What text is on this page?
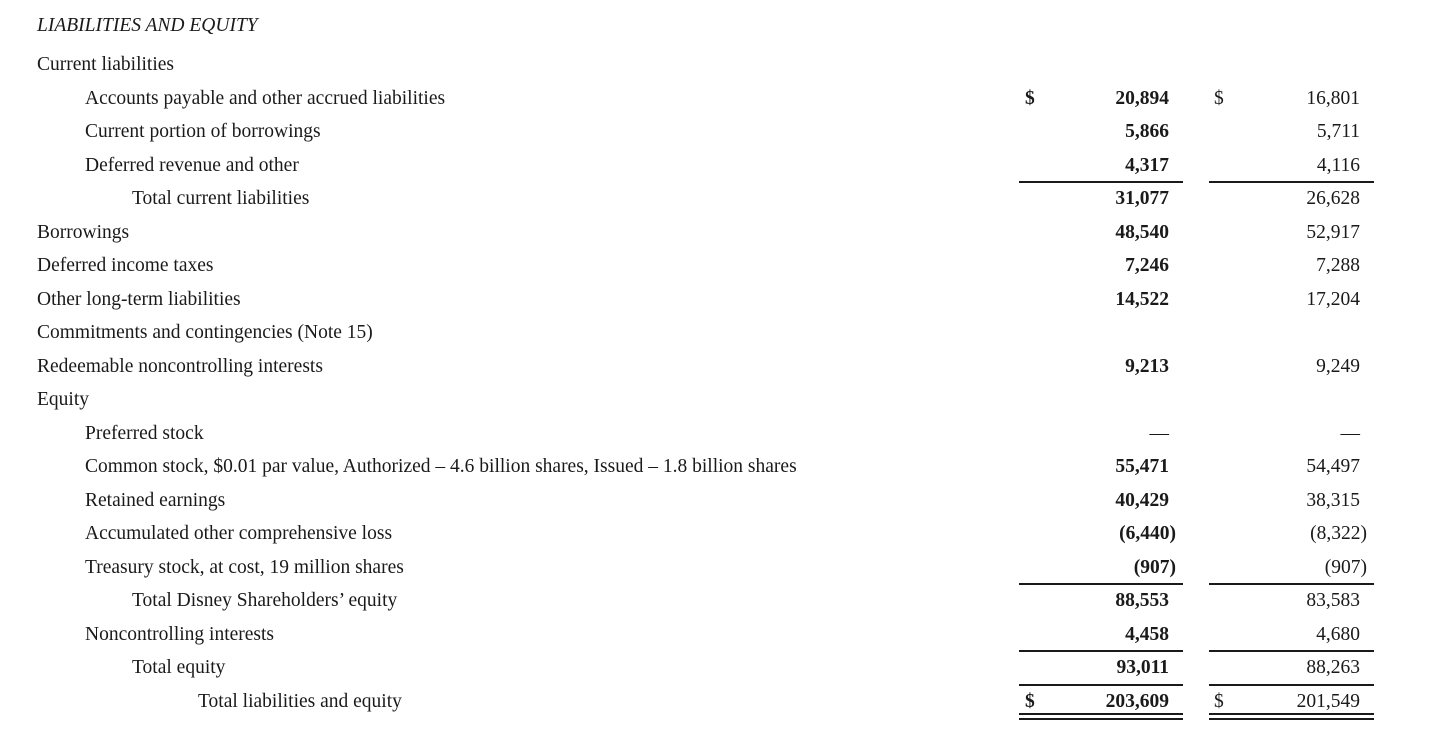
LIABILITIES AND EQUITY
Current liabilities
Accounts payable and other accrued liabilities	$	20,894 $	16,801
Current portion of borrowings	5,866	5,711
Deferred revenue and other	4,317	4,116
Total current liabilities	31,077	26,628
Borrowings	48,540	52,917
Deferred income taxes	7,246	7,288
Other long-term liabilities	14,522	17,204
Commitments and contingencies (Note 15)
Redeemable noncontrolling interests	9,213	9,249
Equity
Preferred stock	—	—
Common stock, $0.01 par value, Authorized – 4.6 billion shares, Issued – 1.8 billion shares	55,471	54,497
Retained earnings	40,429	38,315
Accumulated other comprehensive loss	(6,440)	(8,322)
Treasury stock, at cost, 19 million shares	(907)	(907)
Total Disney Shareholders’ equity	88,553	83,583
Noncontrolling interests	4,458	4,680
Total equity	93,011	88,263
Total liabilities and equity	$	203,609 $	201,549
